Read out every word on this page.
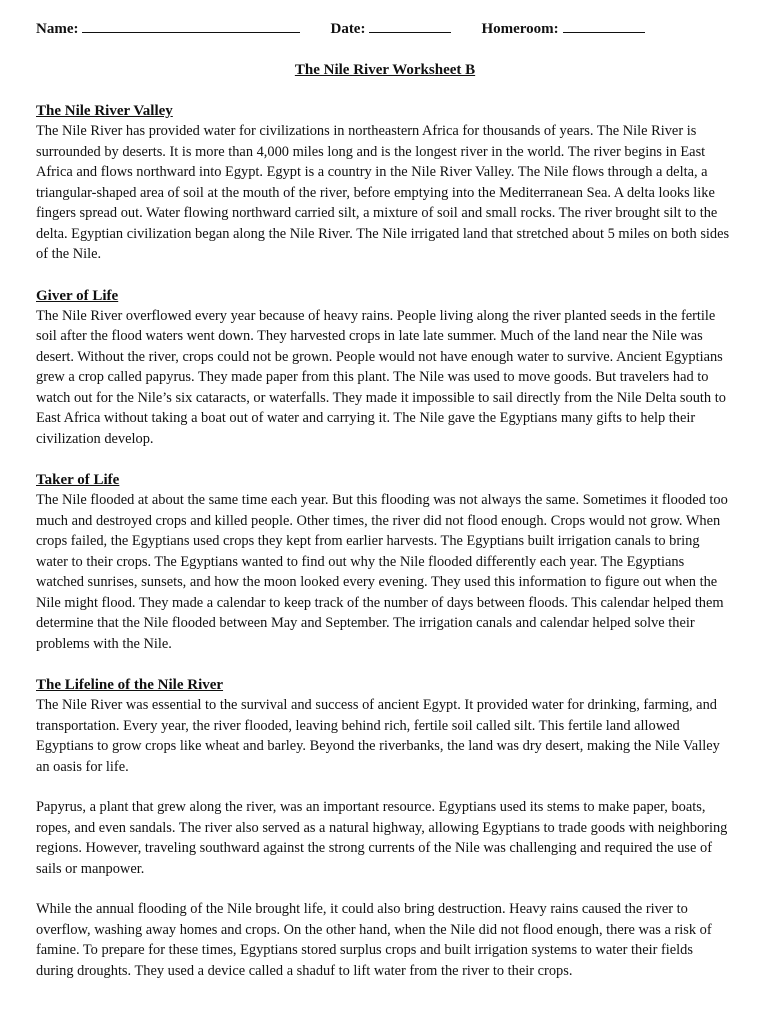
Name:	Date:	Homeroom:
The Nile River Worksheet B
The Nile River Valley

The Nile River has provided water for civilizations in northeastern Africa for thousands of years. The Nile River is surrounded by deserts. It is more than 4,000 miles long and is the longest river in the world. The river begins in East Africa and flows northward into Egypt. Egypt is a country in the Nile River Valley. The Nile flows through a delta, a triangular-shaped area of soil at the mouth of the river, before emptying into the Mediterranean Sea. A delta looks like fingers spread out. Water flowing northward carried silt, a mixture of soil and small rocks. The river brought silt to the delta. Egyptian civilization began along the Nile River. The Nile irrigated land that stretched about 5 miles on both sides of the Nile.

Giver of Life

The Nile River overflowed every year because of heavy rains. People living along the river planted seeds in the fertile soil after the flood waters went down. They harvested crops in late late summer. Much of the land near the Nile was desert. Without the river, crops could not be grown. People would not have enough water to survive. Ancient Egyptians grew a crop called papyrus. They made paper from this plant. The Nile was used to move goods. But travelers had to watch out for the Nile’s six cataracts, or waterfalls. They made it impossible to sail directly from the Nile Delta south to East Africa without taking a boat out of water and carrying it. The Nile gave the Egyptians many gifts to help their civilization develop.

Taker of Life

The Nile flooded at about the same time each year. But this flooding was not always the same. Sometimes it flooded too much and destroyed crops and killed people. Other times, the river did not flood enough. Crops would not grow. When crops failed, the Egyptians used crops they kept from earlier harvests. The Egyptians built irrigation canals to bring water to their crops. The Egyptians wanted to find out why the Nile flooded differently each year. The Egyptians watched sunrises, sunsets, and how the moon looked every evening. They used this information to figure out when the Nile might flood. They made a calendar to keep track of the number of days between floods. This calendar helped them determine that the Nile flooded between May and September. The irrigation canals and calendar helped solve their problems with the Nile.

The Lifeline of the Nile River

The Nile River was essential to the survival and success of ancient Egypt. It provided water for drinking, farming, and transportation. Every year, the river flooded, leaving behind rich, fertile soil called silt. This fertile land allowed Egyptians to grow crops like wheat and barley. Beyond the riverbanks, the land was dry desert, making the Nile Valley an oasis for life.

Papyrus, a plant that grew along the river, was an important resource. Egyptians used its stems to make paper, boats, ropes, and even sandals. The river also served as a natural highway, allowing Egyptians to trade goods with neighboring regions. However, traveling southward against the strong currents of the Nile was challenging and required the use of sails or manpower.

While the annual flooding of the Nile brought life, it could also bring destruction. Heavy rains caused the river to overflow, washing away homes and crops. On the other hand, when the Nile did not flood enough, there was a risk of famine. To prepare for these times, Egyptians stored surplus crops and built irrigation systems to water their fields during droughts. They used a device called a shaduf to lift water from the river to their crops.
